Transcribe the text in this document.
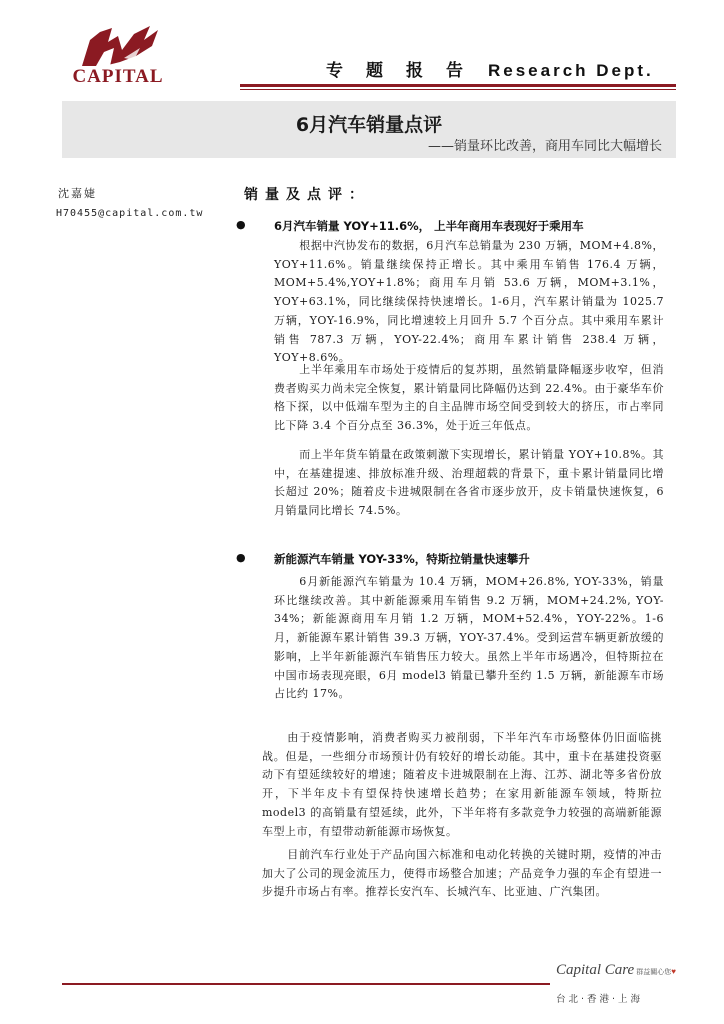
CAPITAL	专题报告 Research Dept.
6月汽车销量点评
——销量环比改善，商用车同比大幅增长
沈嘉婕
H70455@capital.com.tw
销量及点评：
● 6月汽车销量 YOY+11.6%， 上半年商用车表现好于乘用车
根据中汽协发布的数据，6月汽车总销量为 230 万辆，MOM+4.8%，YOY+11.6%。销量继续保持正增长。其中乘用车销售 176.4 万辆，MOM+5.4%,YOY+1.8%；商用车月销 53.6 万辆，MOM+3.1%，YOY+63.1%，同比继续保持快速增长。1-6月，汽车累计销量为 1025.7 万辆，YOY-16.9%，同比增速较上月回升 5.7 个百分点。其中乘用车累计销售 787.3 万辆，YOY-22.4%；商用车累计销售 238.4 万辆，YOY+8.6%。
上半年乘用车市场处于疫情后的复苏期，虽然销量降幅逐步收窄，但消费者购买力尚未完全恢复，累计销量同比降幅仍达到 22.4%。由于豪华车价格下探，以中低端车型为主的自主品牌市场空间受到较大的挤压，市占率同比下降 3.4 个百分点至 36.3%，处于近三年低点。
而上半年货车销量在政策刺激下实现增长，累计销量 YOY+10.8%。其中，在基建提速、排放标准升级、治理超载的背景下，重卡累计销量同比增长超过 20%；随着皮卡进城限制在各省市逐步放开，皮卡销量快速恢复，6月销量同比增长 74.5%。
● 新能源汽车销量 YOY-33%，特斯拉销量快速攀升
6月新能源汽车销量为 10.4 万辆，MOM+26.8%, YOY-33%，销量环比继续改善。其中新能源乘用车销售 9.2 万辆，MOM+24.2%, YOY-34%；新能源商用车月销 1.2 万辆，MOM+52.4%，YOY-22%。1-6月，新能源车累计销售 39.3 万辆，YOY-37.4%。受到运营车辆更新放缓的影响，上半年新能源汽车销售压力较大。虽然上半年市场遇冷，但特斯拉在中国市场表现亮眼，6月 model3 销量已攀升至约 1.5 万辆，新能源车市场占比约 17%。
由于疫情影响，消费者购买力被削弱，下半年汽车市场整体仍旧面临挑战。但是，一些细分市场预计仍有较好的增长动能。其中，重卡在基建投资驱动下有望延续较好的增速；随着皮卡进城限制在上海、江苏、湖北等多省份放开，下半年皮卡有望保持快速增长趋势；在家用新能源车领域，特斯拉 model3 的高销量有望延续，此外，下半年将有多款竞争力较强的高端新能源车型上市，有望带动新能源市场恢复。
目前汽车行业处于产品向国六标准和电动化转换的关键时期，疫情的冲击加大了公司的现金流压力，使得市场整合加速；产品竞争力强的车企有望进一步提升市场占有率。推荐长安汽车、长城汽车、比亚迪、广汽集团。
Capital Care 群益關心您♥
台北·香港·上海
